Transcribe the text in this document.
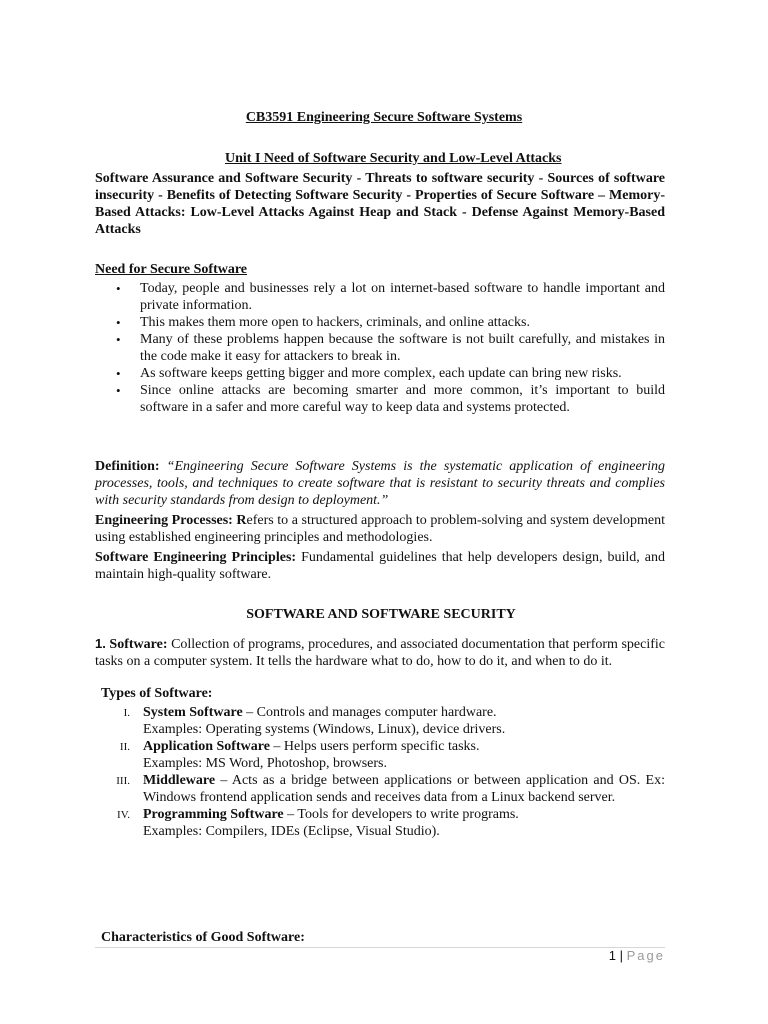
CB3591 Engineering Secure Software Systems
Unit I Need of Software Security and Low-Level Attacks
Software Assurance and Software Security - Threats to software security - Sources of software insecurity - Benefits of Detecting Software Security - Properties of Secure Software – Memory-Based Attacks: Low-Level Attacks Against Heap and Stack - Defense Against Memory-Based Attacks
Need for Secure Software
• Today, people and businesses rely a lot on internet-based software to handle important and private information.
• This makes them more open to hackers, criminals, and online attacks.
• Many of these problems happen because the software is not built carefully, and mistakes in the code make it easy for attackers to break in.
• As software keeps getting bigger and more complex, each update can bring new risks.
• Since online attacks are becoming smarter and more common, it’s important to build software in a safer and more careful way to keep data and systems protected.
Definition: “Engineering Secure Software Systems is the systematic application of engineering processes, tools, and techniques to create software that is resistant to security threats and complies with security standards from design to deployment.”
Engineering Processes: Refers to a structured approach to problem-solving and system development using established engineering principles and methodologies.
Software Engineering Principles: Fundamental guidelines that help developers design, build, and maintain high-quality software.
SOFTWARE AND SOFTWARE SECURITY
1. Software: Collection of programs, procedures, and associated documentation that perform specific tasks on a computer system. It tells the hardware what to do, how to do it, and when to do it.
Types of Software:
I. System Software – Controls and manages computer hardware.
Examples: Operating systems (Windows, Linux), device drivers.
II. Application Software – Helps users perform specific tasks.
Examples: MS Word, Photoshop, browsers.
III. Middleware – Acts as a bridge between applications or between application and OS. Ex: Windows frontend application sends and receives data from a Linux backend server.
IV. Programming Software – Tools for developers to write programs.
Examples: Compilers, IDEs (Eclipse, Visual Studio).
Characteristics of Good Software:
1 | Page
